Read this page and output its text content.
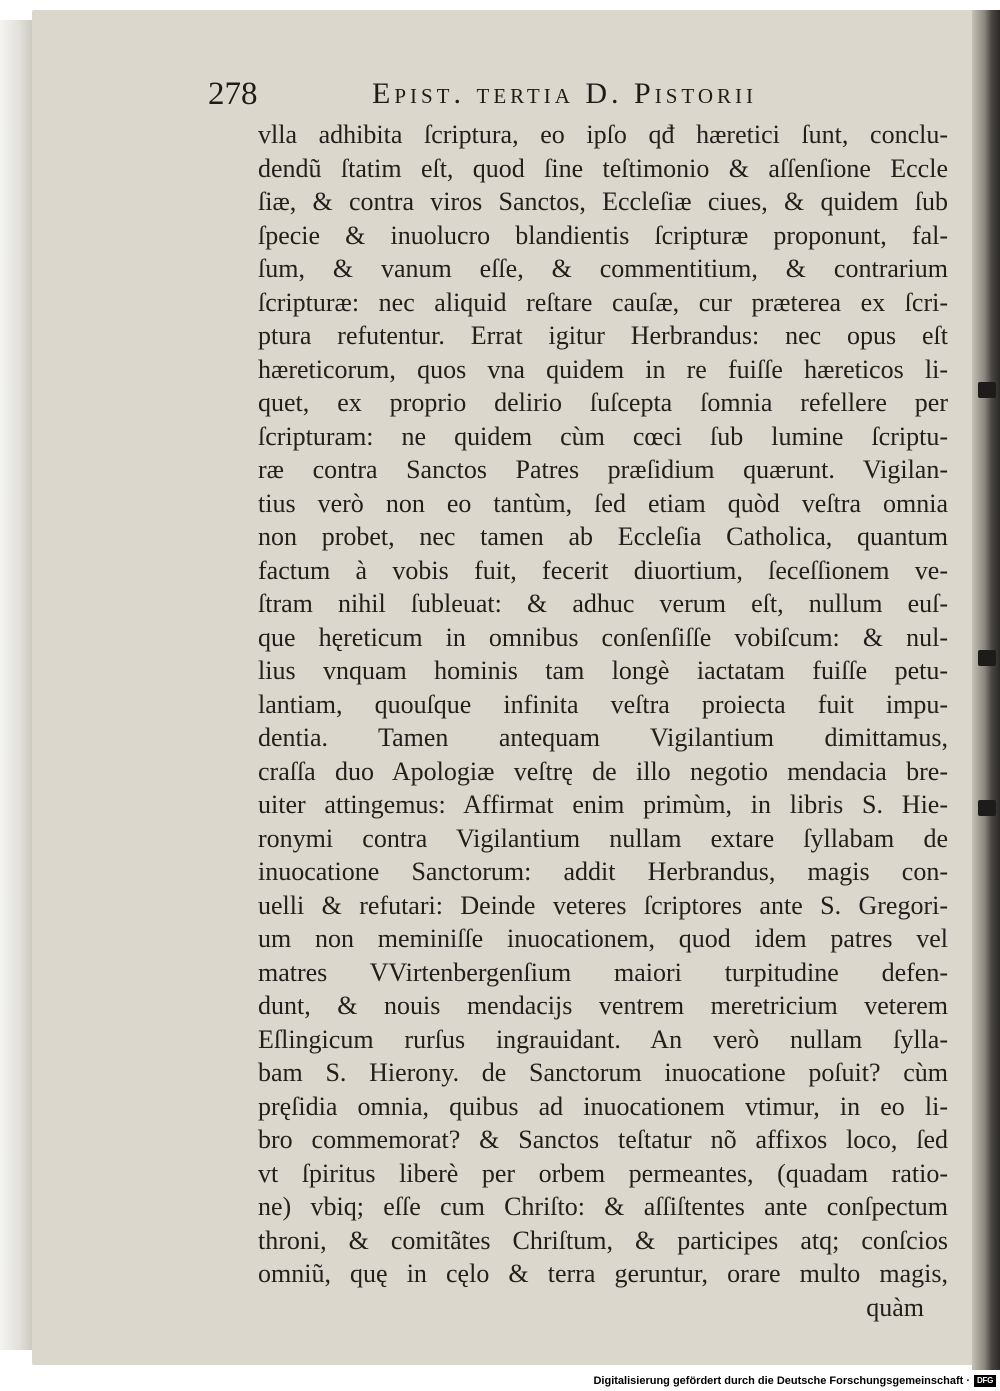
278	Epist. tertia D. Pistorii
vlla adhibita ſcriptura, eo ipſo qđ hæretici ſunt, conclu-
dendũ ſtatim eſt, quod ſine teſtimonio & aſſenſione Eccle
ſiæ, & contra viros Sanctos, Eccleſiæ ciues, & quidem ſub
ſpecie & inuolucro blandientis ſcripturæ proponunt, fal-
ſum, & vanum eſſe, & commentitium, & contrarium
ſcripturæ: nec aliquid reſtare cauſæ, cur præterea ex ſcri-
ptura refutentur. Errat igitur Herbrandus: nec opus eſt
hæreticorum, quos vna quidem in re fuiſſe hæreticos li-
quet, ex proprio delirio ſuſcepta ſomnia refellere per
ſcripturam: ne quidem cùm cœci ſub lumine ſcriptu-
ræ contra Sanctos Patres præſidium quærunt. Vigilan-
tius verò non eo tantùm, ſed etiam quòd veſtra omnia
non probet, nec tamen ab Eccleſia Catholica, quantum
factum à vobis fuit, fecerit diuortium, ſeceſſionem ve-
ſtram nihil ſubleuat: & adhuc verum eſt, nullum euſ-
que hęreticum in omnibus conſenſiſſe vobiſcum: & nul-
lius vnquam hominis tam longè iactatam fuiſſe petu-
lantiam, quouſque infinita veſtra proiecta fuit impu-
dentia. Tamen antequam Vigilantium dimittamus,
craſſa duo Apologiæ veſtrę de illo negotio mendacia bre-
uiter attingemus: Affirmat enim primùm, in libris S. Hie-
ronymi contra Vigilantium nullam extare ſyllabam de
inuocatione Sanctorum: addit Herbrandus, magis con-
uelli & refutari: Deinde veteres ſcriptores ante S. Gregori-
um non meminiſſe inuocationem, quod idem patres vel
matres VVirtenbergenſium maiori turpitudine defen-
dunt, & nouis mendacijs ventrem meretricium veterem
Eſlingicum rurſus ingrauidant. An verò nullam ſylla-
bam S. Hierony. de Sanctorum inuocatione poſuit? cùm
pręſidia omnia, quibus ad inuocationem vtimur, in eo li-
bro commemorat? & Sanctos teſtatur nõ affixos loco, ſed
vt ſpiritus liberè per orbem permeantes, (quadam ratio-
ne) vbiq; eſſe cum Chriſto: & aſſiſtentes ante conſpectum
throni, & comitãtes Chriſtum, & participes atq; conſcios
omniũ, quę in cęlo & terra geruntur, orare multo magis,
quàm
Digitalisierung gefördert durch die Deutsche Forschungsgemeinschaft · DFG
